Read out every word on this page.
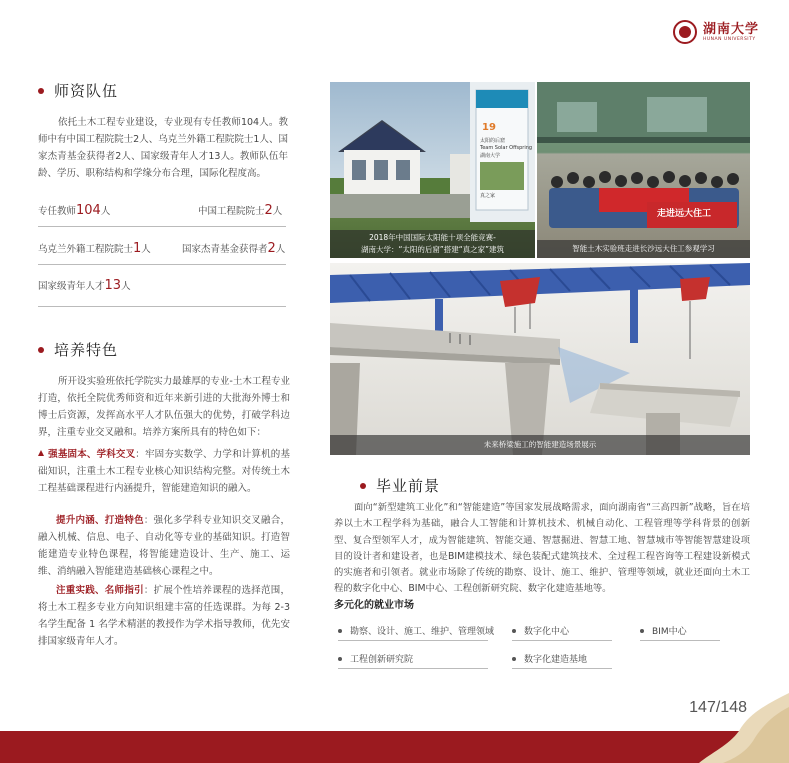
湖南大学
HUNAN UNIVERSITY
师资队伍

依托土木工程专业建设，专业现有专任教师104人。教师中有中国工程院院士2人、乌克兰外籍工程院院士1人、国家杰青基金获得者2人、国家级青年人才13人。教师队伍年龄、学历、职称结构和学缘分布合理，国际化程度高。

专任教师104人	中国工程院院士2人
乌克兰外籍工程院院士1人	国家杰青基金获得者2人
国家级青年人才13人
培养特色

所开设实验班依托学院实力最雄厚的专业-土木工程专业打造，依托全院优秀师资和近年来新引进的大批海外博士和博士后资源，发挥高水平人才队伍强大的优势，打破学科边界，注重专业交叉融和。培养方案所具有的特色如下：

强基固本、学科交叉：牢固夯实数学、力学和计算机的基础知识，注重土木工程专业核心知识结构完整。对传统土木工程基础课程进行内涵提升，智能建造知识的融入。

提升内涵、打造特色：强化多学科专业知识交叉融合，融入机械、信息、电子、自动化等专业的基础知识。打造智能建造专业特色课程，将智能建造设计、生产、施工、运维、消纳融入智能建造基础核心课程之中。

注重实践、名师指引：扩展个性培养课程的选择范围，将土木工程多专业方向知识组建丰富的任选课群。为每 2-3 名学生配备 1 名学术精湛的教授作为学术指导教师，优先安排国家级青年人才。

19
太阳的后窟
Team Solar Offspring
湖南大学
真之家
2018年中国国际太阳能十项全能竞赛-
湖南大学：“太阳的后窟”搭建“真之家”建筑
走进远大住工
智能土木实验班走进长沙远大住工参观学习
未来桥梁施工的智能建造场景展示
毕业前景

面向“新型建筑工业化”和“智能建造”等国家发展战略需求，面向湖南省“三高四新”战略，旨在培养以土木工程学科为基础，融合人工智能和计算机技术、机械自动化、工程管理等学科背景的创新型、复合型领军人才，成为智能建筑、智能交通、智慧掘进、智慧工地、智慧城市等智能智慧建设项目的设计者和建设者，也是BIM建模技术、绿色装配式建筑技术、全过程工程咨询等工程建设新模式的实施者和引领者。就业市场除了传统的勘察、设计、施工、维护、管理等领域，就业还面向土木工程的数字化中心、BIM中心、工程创新研究院、数字化建造基地等。

多元化的就业市场
勘察、设计、施工、维护、管理领域	数字化中心	BIM中心
工程创新研究院	数字化建造基地
147/148
